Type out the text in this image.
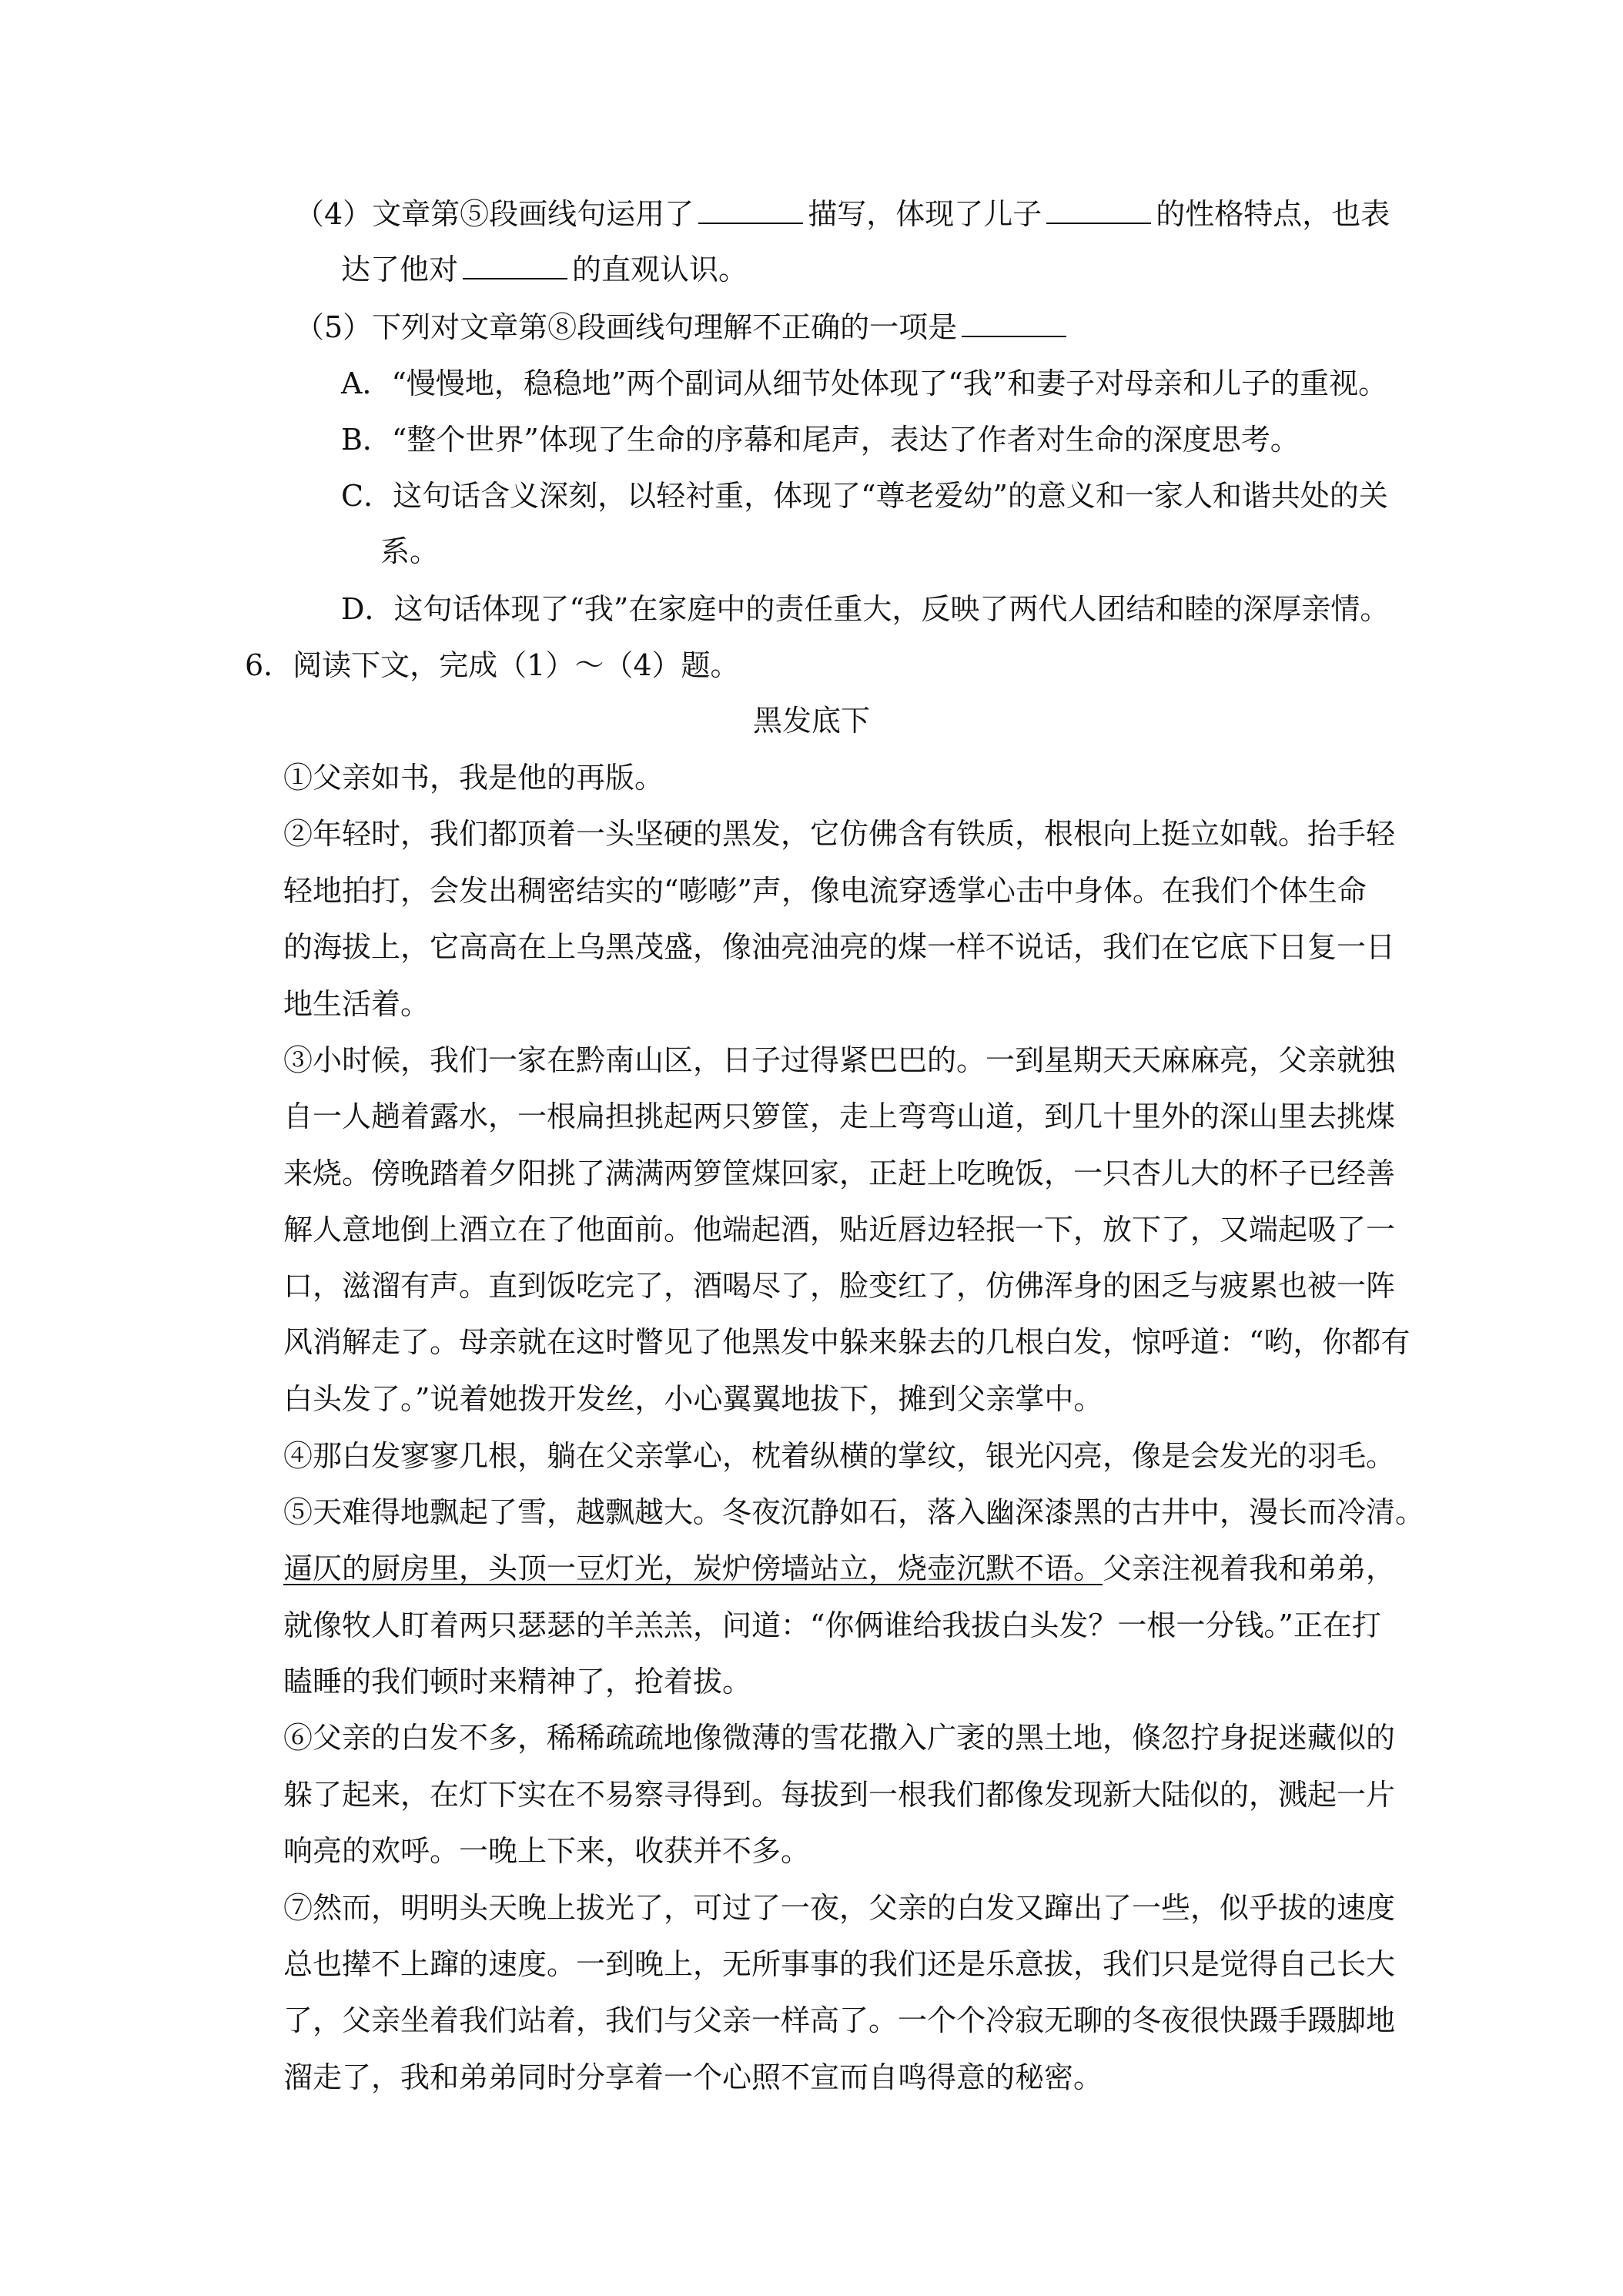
（4）文章第⑤段画线句运用了	描写，体现了儿子	的性格特点，也表
达了他对	的直观认识。
（5）下列对文章第⑧段画线句理解不正确的一项是
A．“慢慢地，稳稳地”两个副词从细节处体现了“我”和妻子对母亲和儿子的重视。
B．“整个世界”体现了生命的序幕和尾声，表达了作者对生命的深度思考。
C．这句话含义深刻，以轻衬重，体现了“尊老爱幼”的意义和一家人和谐共处的关
系。
D．这句话体现了“我”在家庭中的责任重大，反映了两代人团结和睦的深厚亲情。
6．阅读下文，完成（1）～（4）题。
黑发底下
①父亲如书，我是他的再版。
②年轻时，我们都顶着一头坚硬的黑发，它仿佛含有铁质，根根向上挺立如戟。抬手轻
轻地拍打，会发出稠密结实的“嘭嘭”声，像电流穿透掌心击中身体。在我们个体生命
的海拔上，它高高在上乌黑茂盛，像油亮油亮的煤一样不说话，我们在它底下日复一日
地生活着。
③小时候，我们一家在黔南山区，日子过得紧巴巴的。一到星期天天麻麻亮，父亲就独
自一人趟着露水，一根扁担挑起两只箩筐，走上弯弯山道，到几十里外的深山里去挑煤
来烧。傍晚踏着夕阳挑了满满两箩筐煤回家，正赶上吃晚饭，一只杏儿大的杯子已经善
解人意地倒上酒立在了他面前。他端起酒，贴近唇边轻抿一下，放下了，又端起吸了一
口，滋溜有声。直到饭吃完了，酒喝尽了，脸变红了，仿佛浑身的困乏与疲累也被一阵
风消解走了。母亲就在这时瞥见了他黑发中躲来躲去的几根白发，惊呼道：“哟，你都有
白头发了。”说着她拨开发丝，小心翼翼地拔下，摊到父亲掌中。
④那白发寥寥几根，躺在父亲掌心，枕着纵横的掌纹，银光闪亮，像是会发光的羽毛。
⑤天难得地飘起了雪，越飘越大。冬夜沉静如石，落入幽深漆黑的古井中，漫长而冷清。
逼仄的厨房里，头顶一豆灯光，炭炉傍墙站立，烧壶沉默不语。父亲注视着我和弟弟，
就像牧人盯着两只瑟瑟的羊羔羔，问道：“你俩谁给我拔白头发？一根一分钱。”正在打
瞌睡的我们顿时来精神了，抢着拔。
⑥父亲的白发不多，稀稀疏疏地像微薄的雪花撒入广袤的黑土地，倏忽拧身捉迷藏似的
躲了起来，在灯下实在不易察寻得到。每拔到一根我们都像发现新大陆似的，溅起一片
响亮的欢呼。一晚上下来，收获并不多。
⑦然而，明明头天晚上拔光了，可过了一夜，父亲的白发又蹿出了一些，似乎拔的速度
总也撵不上蹿的速度。一到晚上，无所事事的我们还是乐意拔，我们只是觉得自己长大
了，父亲坐着我们站着，我们与父亲一样高了。一个个冷寂无聊的冬夜很快蹑手蹑脚地
溜走了，我和弟弟同时分享着一个心照不宣而自鸣得意的秘密。
